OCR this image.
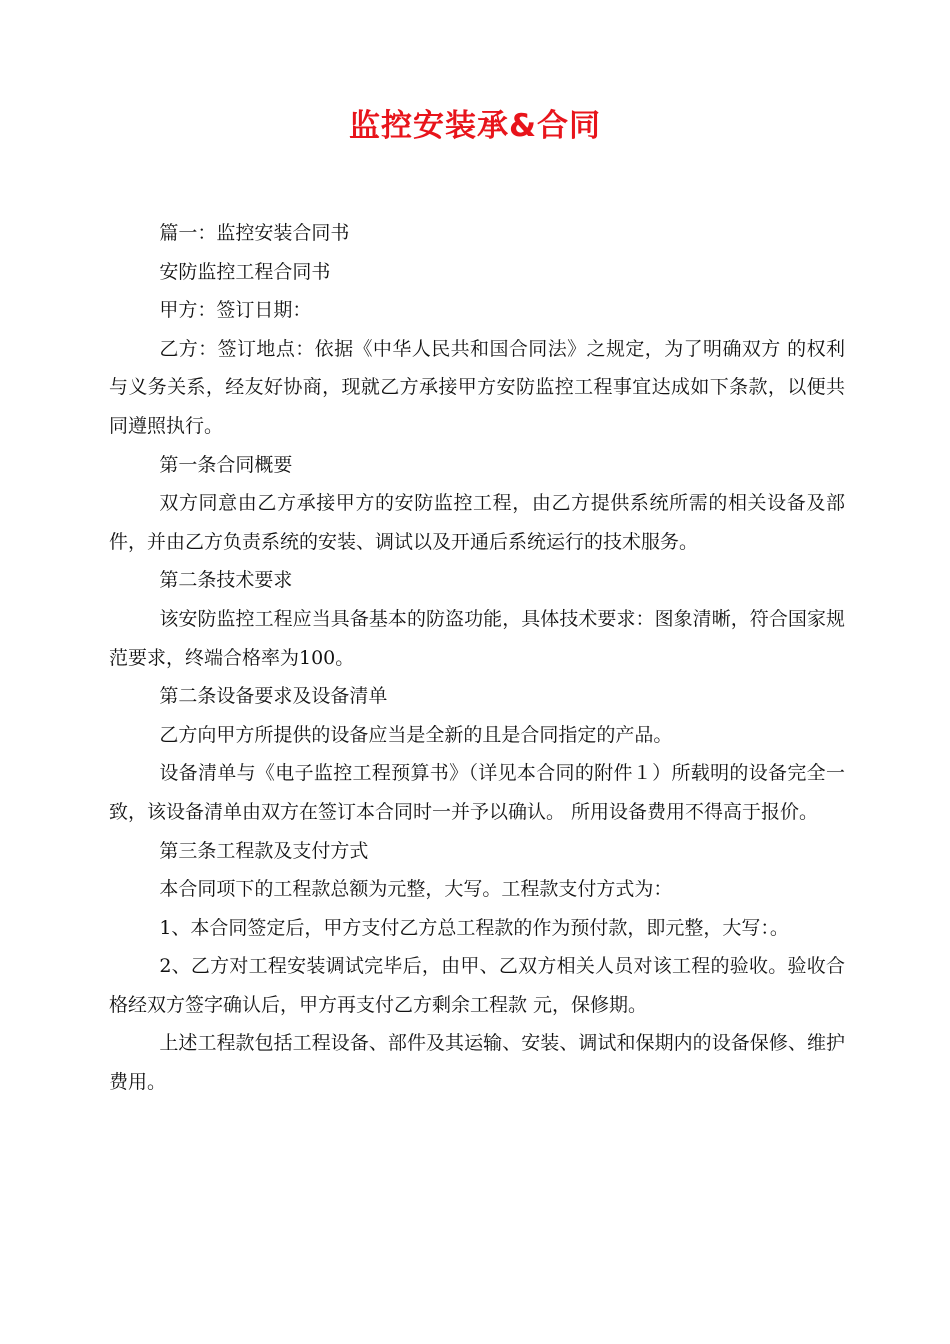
监控安装承&合同

篇一：监控安装合同书

安防监控工程合同书

甲方：签订日期：

乙方：签订地点：依据《中华人民共和国合同法》之规定，为了明确双方 的权利与义务关系，经友好协商，现就乙方承接甲方安防监控工程事宜达成如下条款，以便共同遵照执行。

第一条合同概要

双方同意由乙方承接甲方的安防监控工程，由乙方提供系统所需的相关设备及部件，并由乙方负责系统的安装、调试以及开通后系统运行的技术服务。

第二条技术要求

该安防监控工程应当具备基本的防盗功能，具体技术要求：图象清晰，符合国家规范要求，终端合格率为100。

第二条设备要求及设备清单

乙方向甲方所提供的设备应当是全新的且是合同指定的产品。

设备清单与《电子监控工程预算书》（详见本合同的附件１）所载明的设备完全一致，该设备清单由双方在签订本合同时一并予以确认。 所用设备费用不得高于报价。

第三条工程款及支付方式

本合同项下的工程款总额为元整，大写。工程款支付方式为：

1、本合同签定后，甲方支付乙方总工程款的作为预付款，即元整，大写：。

2、乙方对工程安装调试完毕后，由甲、乙双方相关人员对该工程的验收。验收合格经双方签字确认后，甲方再支付乙方剩余工程款 元，保修期。

上述工程款包括工程设备、部件及其运输、安装、调试和保期内的设备保修、维护费用。
